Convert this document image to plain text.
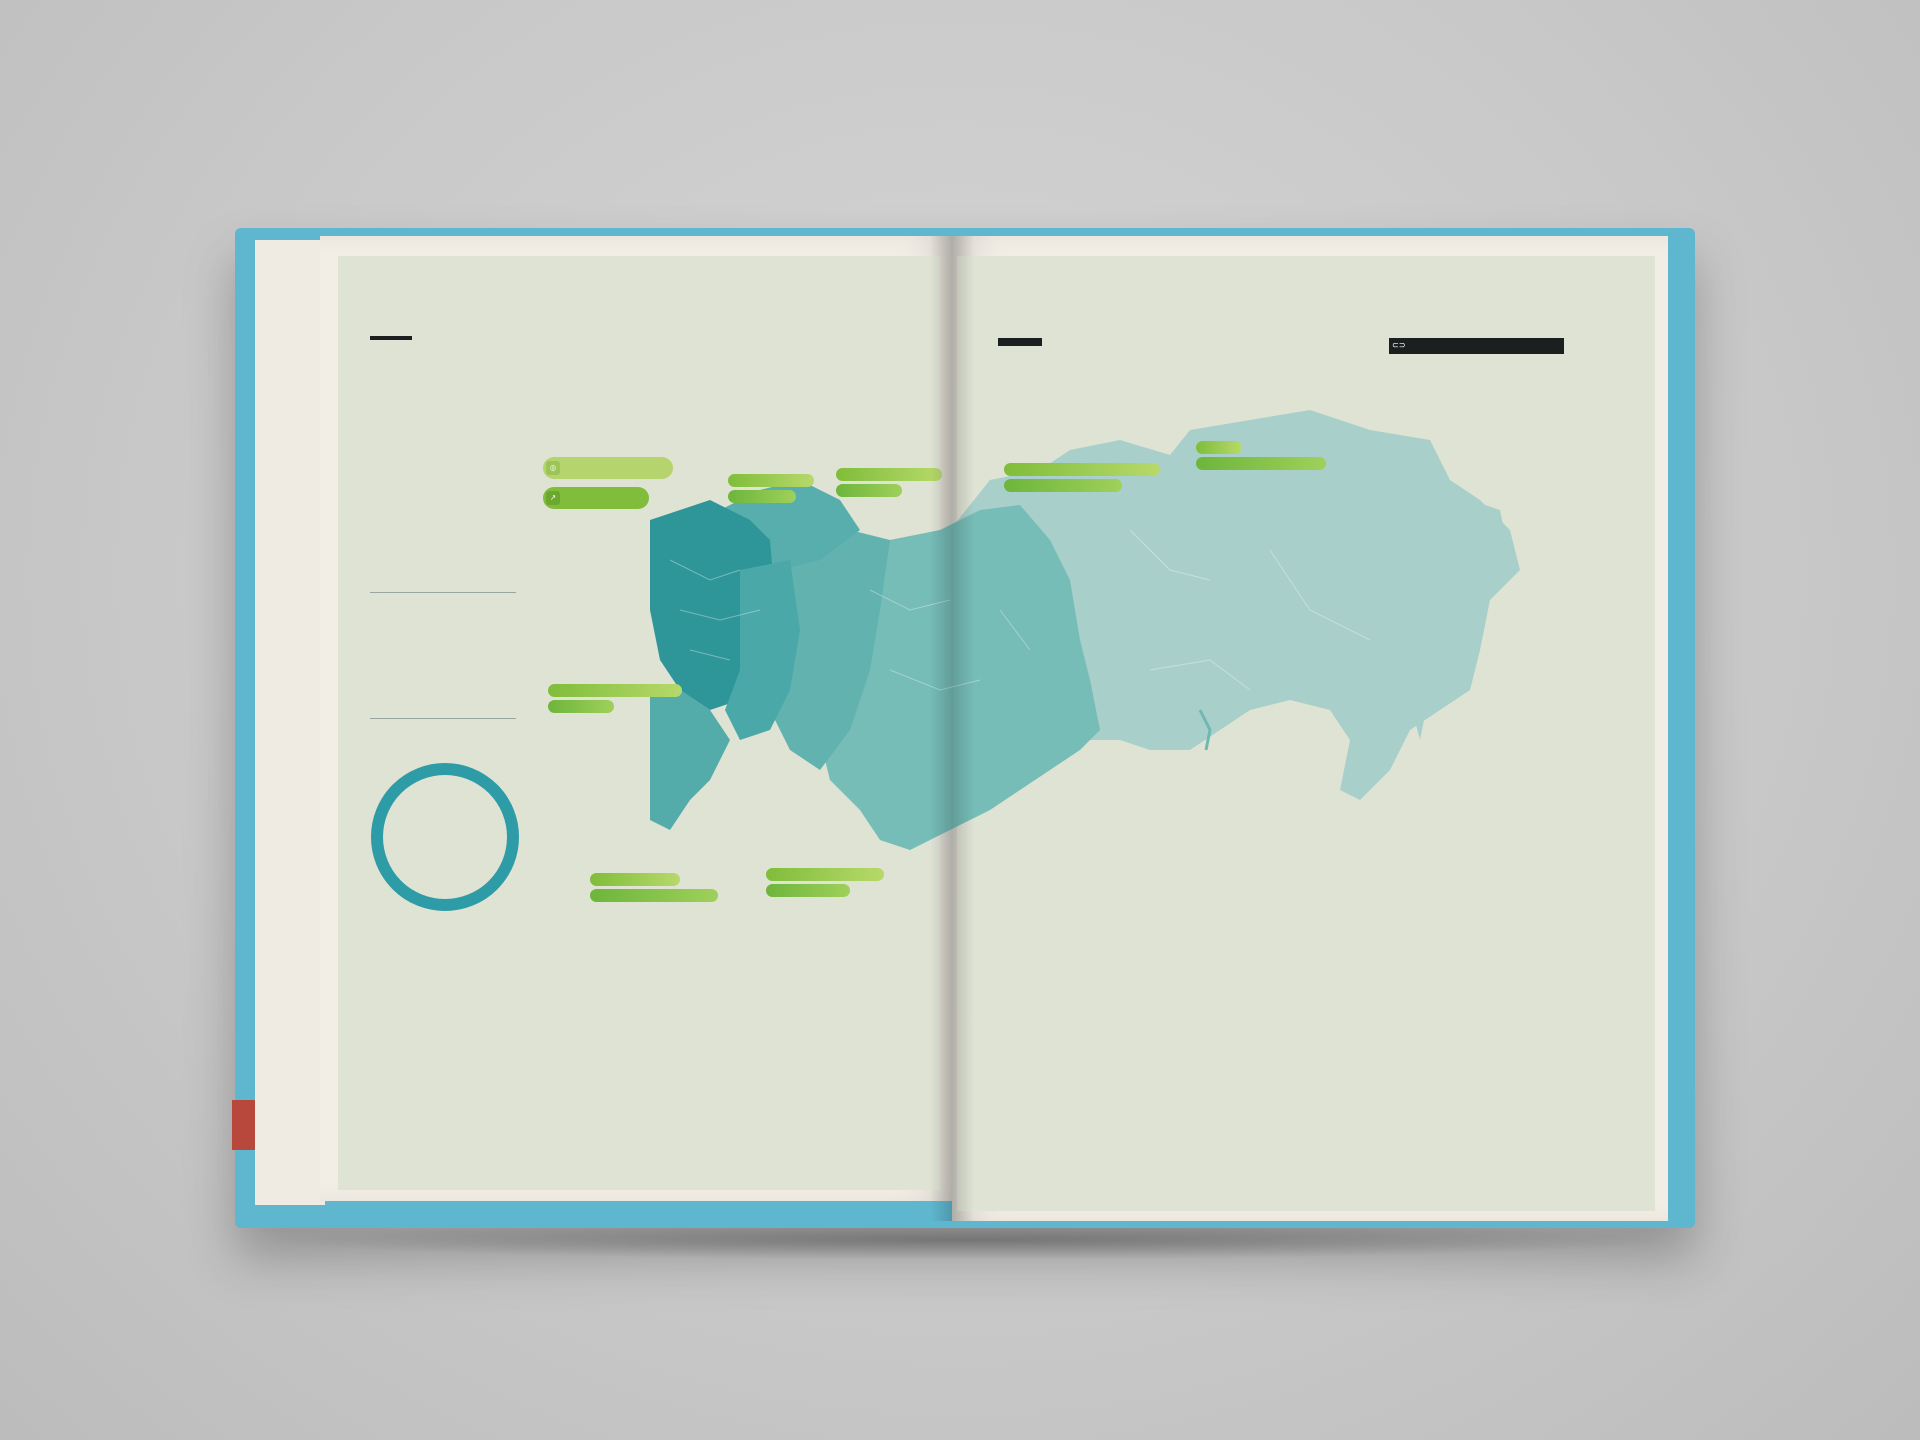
◎
↗
⊂⊃
